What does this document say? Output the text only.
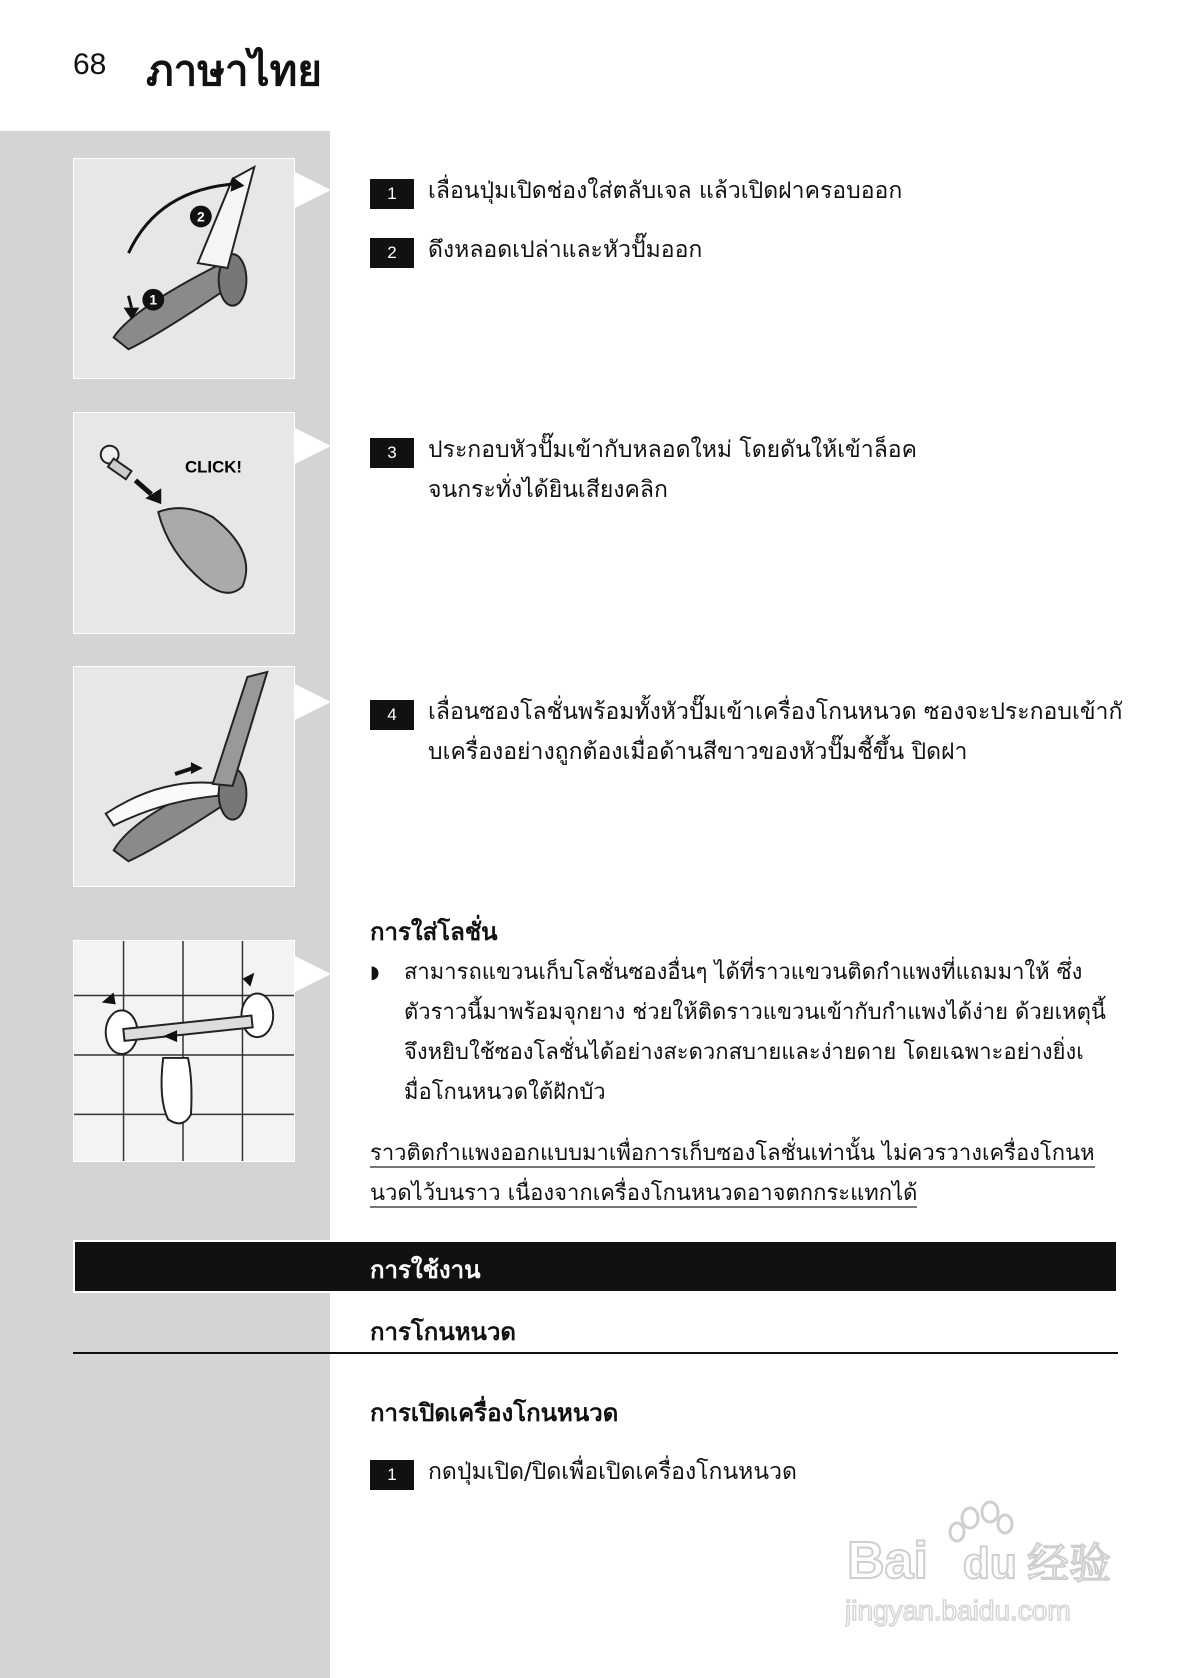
68 ภาษาไทย
2
1
CLICK!
1	เลื่อนปุ่มเปิดช่องใส่ตลับเจล แล้วเปิดฝาครอบออก
2	ดึงหลอดเปล่าและหัวปั๊มออก
3	ประกอบหัวปั๊มเข้ากับหลอดใหม่ โดยดันให้เข้าล็อค
จนกระทั่งได้ยินเสียงคลิก
4	เลื่อนซองโลชั่นพร้อมทั้งหัวปั๊มเข้าเครื่องโกนหนวด ซองจะประกอบเข้ากั
บเครื่องอย่างถูกต้องเมื่อด้านสีขาวของหัวปั๊มชี้ขึ้น ปิดฝา
การใส่โลชั่น
◗	สามารถแขวนเก็บโลชั่นซองอื่นๆ ได้ที่ราวแขวนติดกำแพงที่แถมมาให้ ซึ่ง
ตัวราวนี้มาพร้อมจุกยาง ช่วยให้ติดราวแขวนเข้ากับกำแพงได้ง่าย ด้วยเหตุนี้
จึงหยิบใช้ซองโลชั่นได้อย่างสะดวกสบายและง่ายดาย โดยเฉพาะอย่างยิ่งเ
มื่อโกนหนวดใต้ฝักบัว
ราวติดกำแพงออกแบบมาเพื่อการเก็บซองโลชั่นเท่านั้น ไม่ควรวางเครื่องโกนห
นวดไว้บนราว เนื่องจากเครื่องโกนหนวดอาจตกกระแทกได้
การใช้งาน
การโกนหนวด
การเปิดเครื่องโกนหนวด
1	กดปุ่มเปิด/ปิดเพื่อเปิดเครื่องโกนหนวด
Bai du 经验
jingyan.baidu.com
